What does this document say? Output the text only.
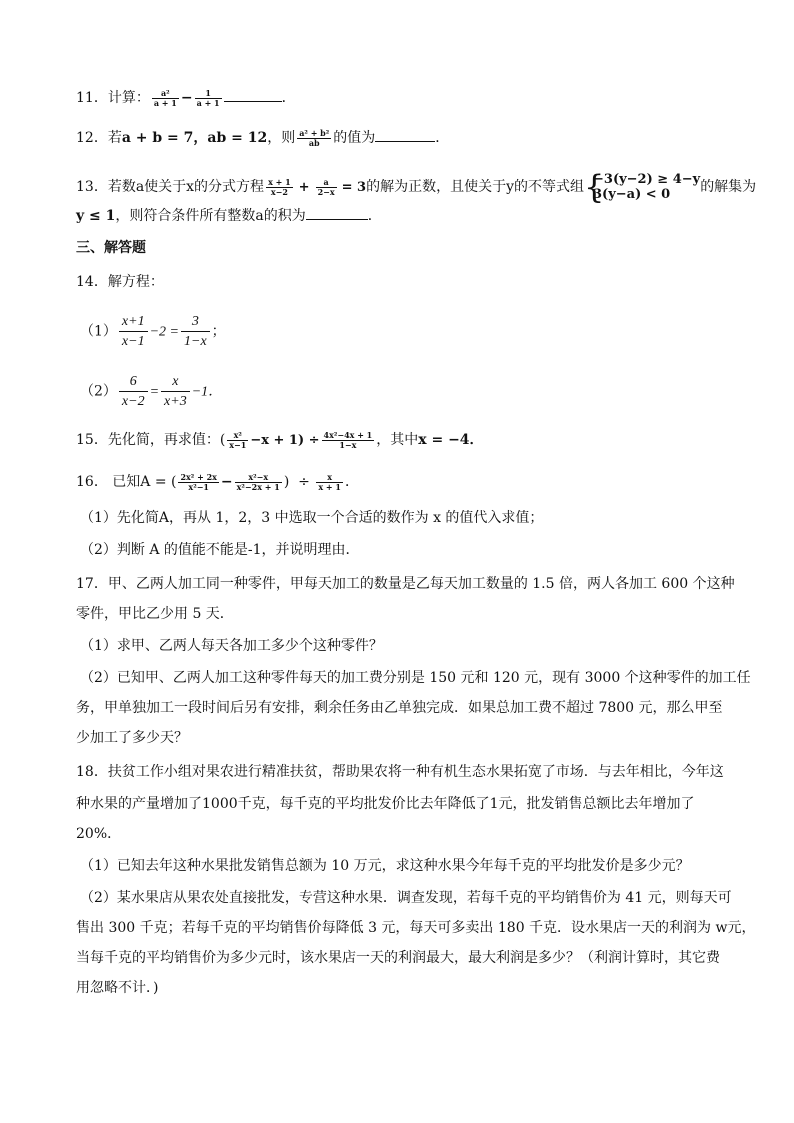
11．计算： $\frac{\text{a²}}{a + 1} - \frac{1}{a + 1}$	．
12．若a + b = 7，ab = 12，则 $\frac{\text{a² + b²}}{ab}$ 的值为	．
13．若数a使关于x的分式方程 $\frac{x + 1}{x-2} + \frac{a}{2-x} = 3$的解为正数，且使关于y的不等式组 {
−3(y−2) ≥ 4−y
3(y−a) < 0	的解集为
y ≤ 1，则符合条件所有整数a的积为	．
三、解答题
14．解方程：
$(1) \frac{x+1}{x-1} -2 = \frac{3}{1-x}$ ；
$(2) \frac{6}{x-2} = \frac{x}{x+3} -1$．
15．先化简，再求值：( $\frac{\text{x²}}{x-1} -x + 1) \div \frac{\text{4x²−4x + 1}}{1-x}$ ，其中x = −4．
16． 已知A = ( $\frac{\text{2x² + 2x}}{\text{x²−1}} - \frac{\text{x²−x}}{\text{x²−2x + 1}}$ )  ÷ $\frac{x}{x + 1}$ ．
（1）先化简A，再从 1，2，3 中选取一个合适的数作为 x 的值代入求值；
（2）判断 A 的值能不能是-1，并说明理由．
17．甲、乙两人加工同一种零件，甲每天加工的数量是乙每天加工数量的 1.5 倍，两人各加工 600 个这种
零件，甲比乙少用 5 天．
（1）求甲、乙两人每天各加工多少个这种零件？
（2）已知甲、乙两人加工这种零件每天的加工费分别是 150 元和 120 元，现有 3000 个这种零件的加工任
务，甲单独加工一段时间后另有安排，剩余任务由乙单独完成．如果总加工费不超过 7800 元，那么甲至
少加工了多少天？
18．扶贫工作小组对果农进行精准扶贫，帮助果农将一种有机生态水果拓宽了市场．与去年相比，今年这
种水果的产量增加了1000千克，每千克的平均批发价比去年降低了1元，批发销售总额比去年增加了
20%．
（1）已知去年这种水果批发销售总额为 10 万元，求这种水果今年每千克的平均批发价是多少元？
（2）某水果店从果农处直接批发，专营这种水果．调查发现，若每千克的平均销售价为 41 元，则每天可
售出 300 千克；若每千克的平均销售价每降低 3 元，每天可多卖出 180 千克．设水果店一天的利润为 w元，
当每千克的平均销售价为多少元时，该水果店一天的利润最大，最大利润是多少？（利润计算时，其它费
用忽略不计．)
